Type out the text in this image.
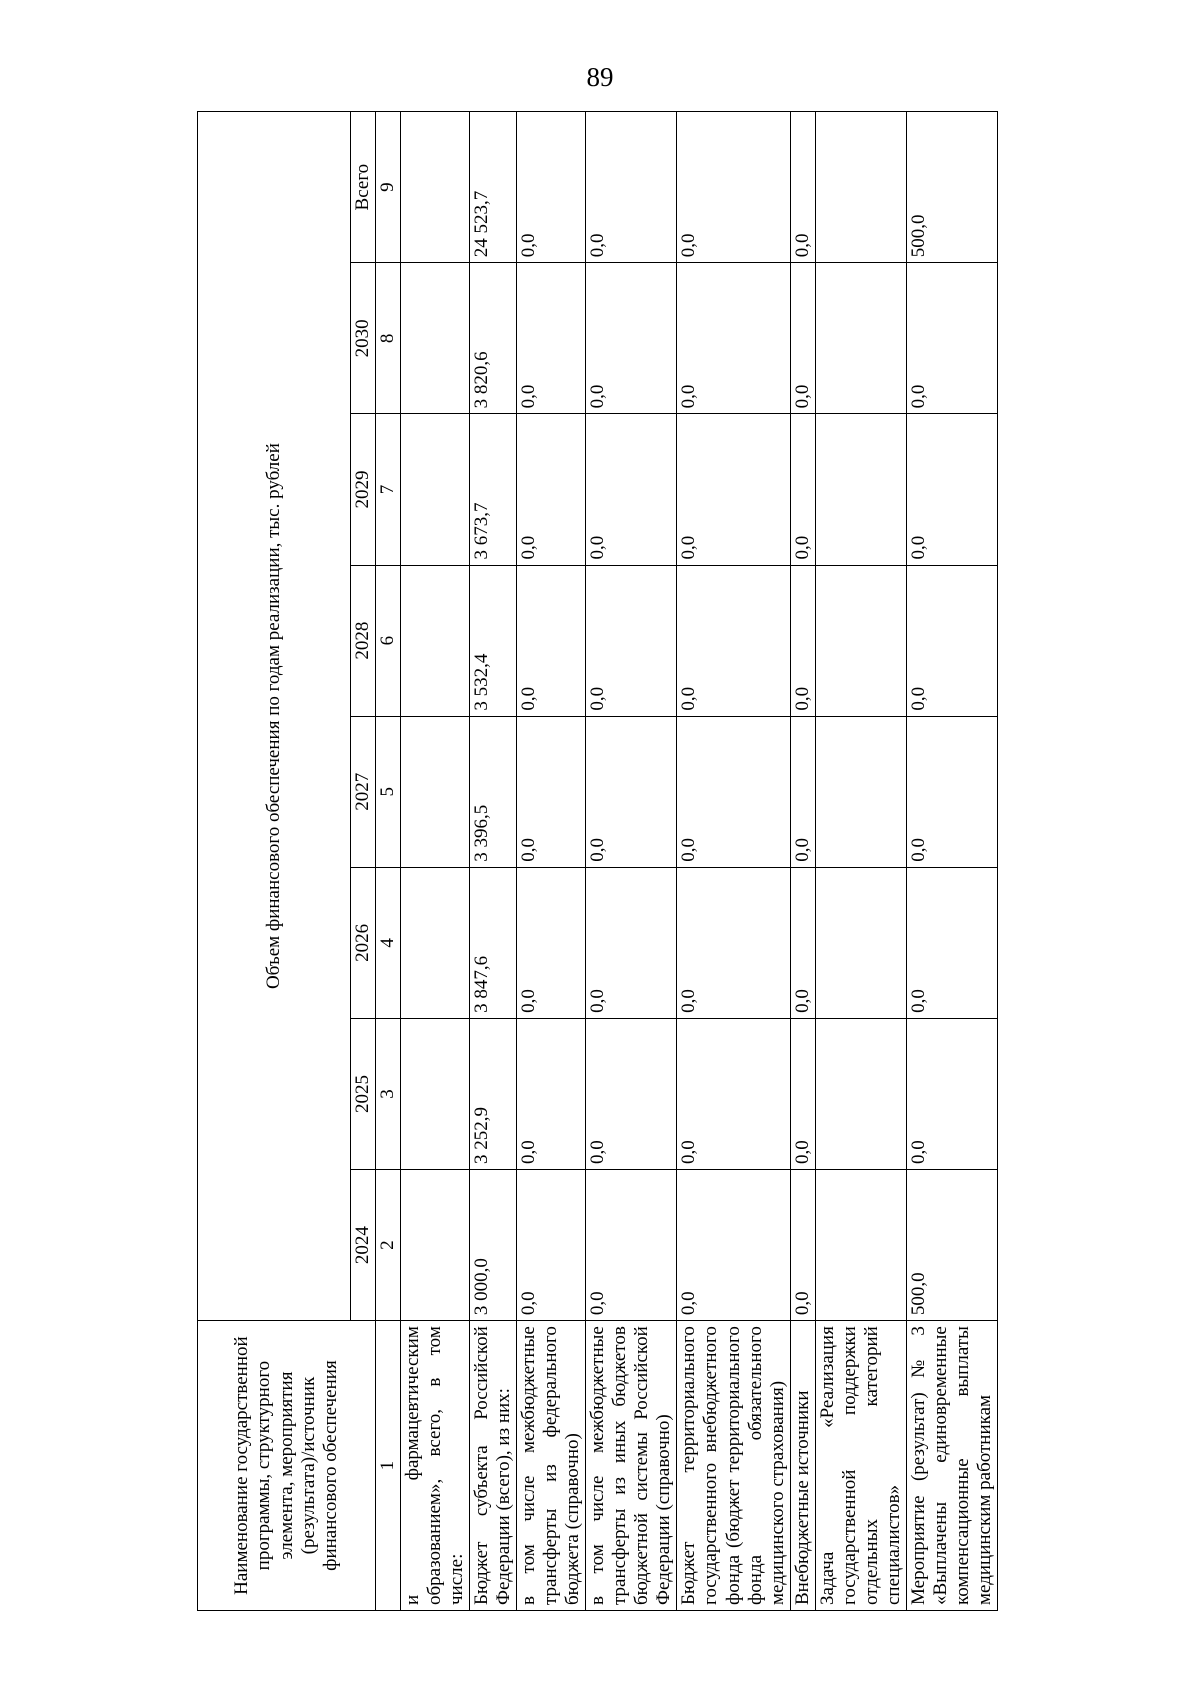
89
Наименование государственной программы, структурного элемента, мероприятия (результата)/источник финансового обеспечения	Объем финансового обеспечения по годам реализации, тыс. рублей							
	2024	2025	2026	2027	2028	2029	2030	Всего
1	2	3	4	5	6	7	8	9
и фармацевтическим образованием», всего, в том числе:								
Бюджет субъекта Российской Федерации (всего), из них:	3 000,0	3 252,9	3 847,6	3 396,5	3 532,4	3 673,7	3 820,6	24 523,7
в том числе межбюджетные трансферты из федерального бюджета (справочно)	0,0	0,0	0,0	0,0	0,0	0,0	0,0	0,0
в том числе межбюджетные трансферты из иных бюджетов бюджетной системы Российской Федерации (справочно)	0,0	0,0	0,0	0,0	0,0	0,0	0,0	0,0
Бюджет территориального государственного внебюджетного фонда (бюджет территориального фонда обязательного медицинского страхования)	0,0	0,0	0,0	0,0	0,0	0,0	0,0	0,0
Внебюджетные источники	0,0	0,0	0,0	0,0	0,0	0,0	0,0	0,0
Задача «Реализация государственной поддержки отдельных категорий специалистов»								
Мероприятие (результат) № 3 «Выплачены единовременные компенсационные выплаты медицинским работникам	500,0	0,0	0,0	0,0	0,0	0,0	0,0	500,0
